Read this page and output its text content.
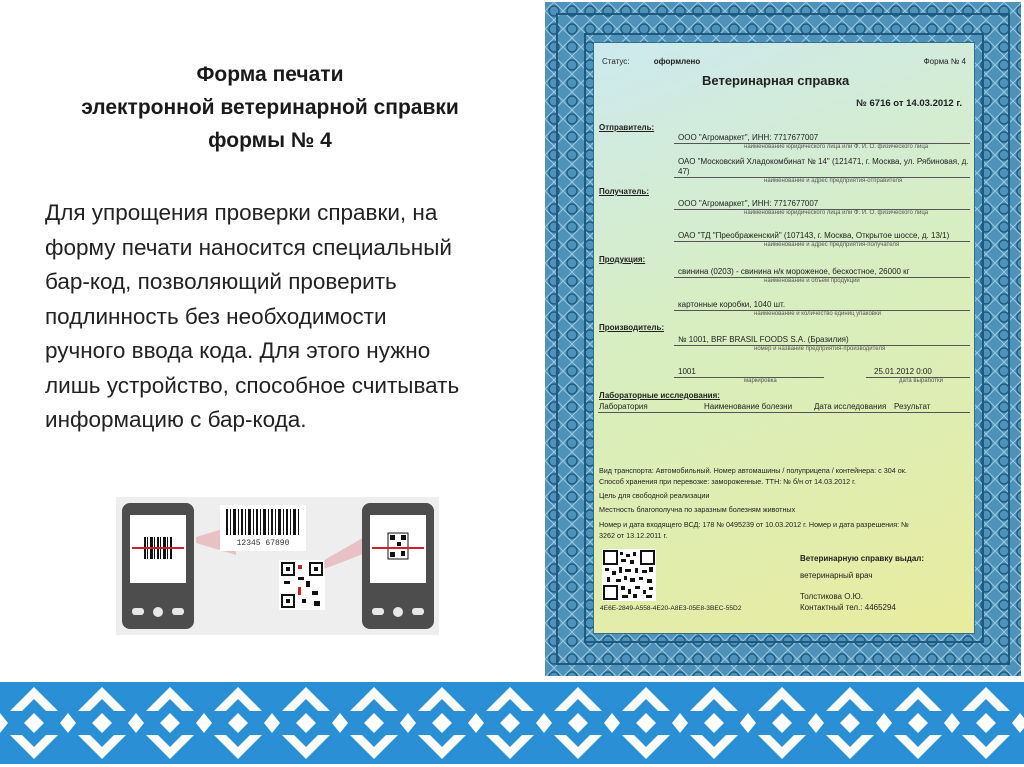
Форма печати
электронной ветеринарной справки
формы № 4
Для упрощения проверки справки, на
форму печати наносится специальный
бар-код, позволяющий проверить
подлинность без необходимости
ручного ввода кода. Для этого нужно
лишь устройство, способное считывать
информацию с бар-кода.
12345 67890
Статус:	оформлено	Форма № 4
Ветеринарная справка
№ 6716 от 14.03.2012 г.
Отправитель:
ООО "Агромаркет", ИНН: 7717677007
наименование юридического лица или Ф. И. О. физического лица
ОАО "Московский Хладокомбинат № 14" (121471, г. Москва, ул. Рябиновая, д.
47)
наименование и адрес предприятия-отправителя
Получатель:
ООО "Агромаркет", ИНН: 7717677007
наименование юридического лица или Ф. И. О. физического лица
ОАО "ТД "Преображенский" (107143, г. Москва, Открытое шоссе, д. 13/1)
наименование и адрес предприятия-получателя
Продукция:
свинина (0203) - свинина н/к мороженое, бескостное, 26000 кг
наименование и объем продукции
картонные коробки, 1040 шт.
наименование и количество единиц упаковки
Производитель:
№ 1001, BRF BRASIL FOODS S.A. (Бразилия)
номер и название предприятия-производителя
1001	25.01.2012 0:00
маркировка	дата выработки
Лабораторные исследования:
Лаборатория	Наименование болезни	Дата исследования Результат
Вид транспорта: Автомобильный. Номер автомашины / полуприцепа / контейнера: с 304 ок.
Способ хранения при перевозке: замороженные. ТТН: № б/н от 14.03.2012 г.
Цель для свободной реализации
Местность благополучна по заразным болезням животных
Номер и дата входящего ВСД: 178 № 0495239 от 10.03.2012 г. Номер и дата разрешения: №
3262 от 13.12.2011 г.
4E6E-2849-A558-4E20-A8E3-05E8-3BEC-55D2
Ветеринарную справку выдал:
ветеринарный врач
Толстикова О.Ю.
Контактный тел.: 4465294
